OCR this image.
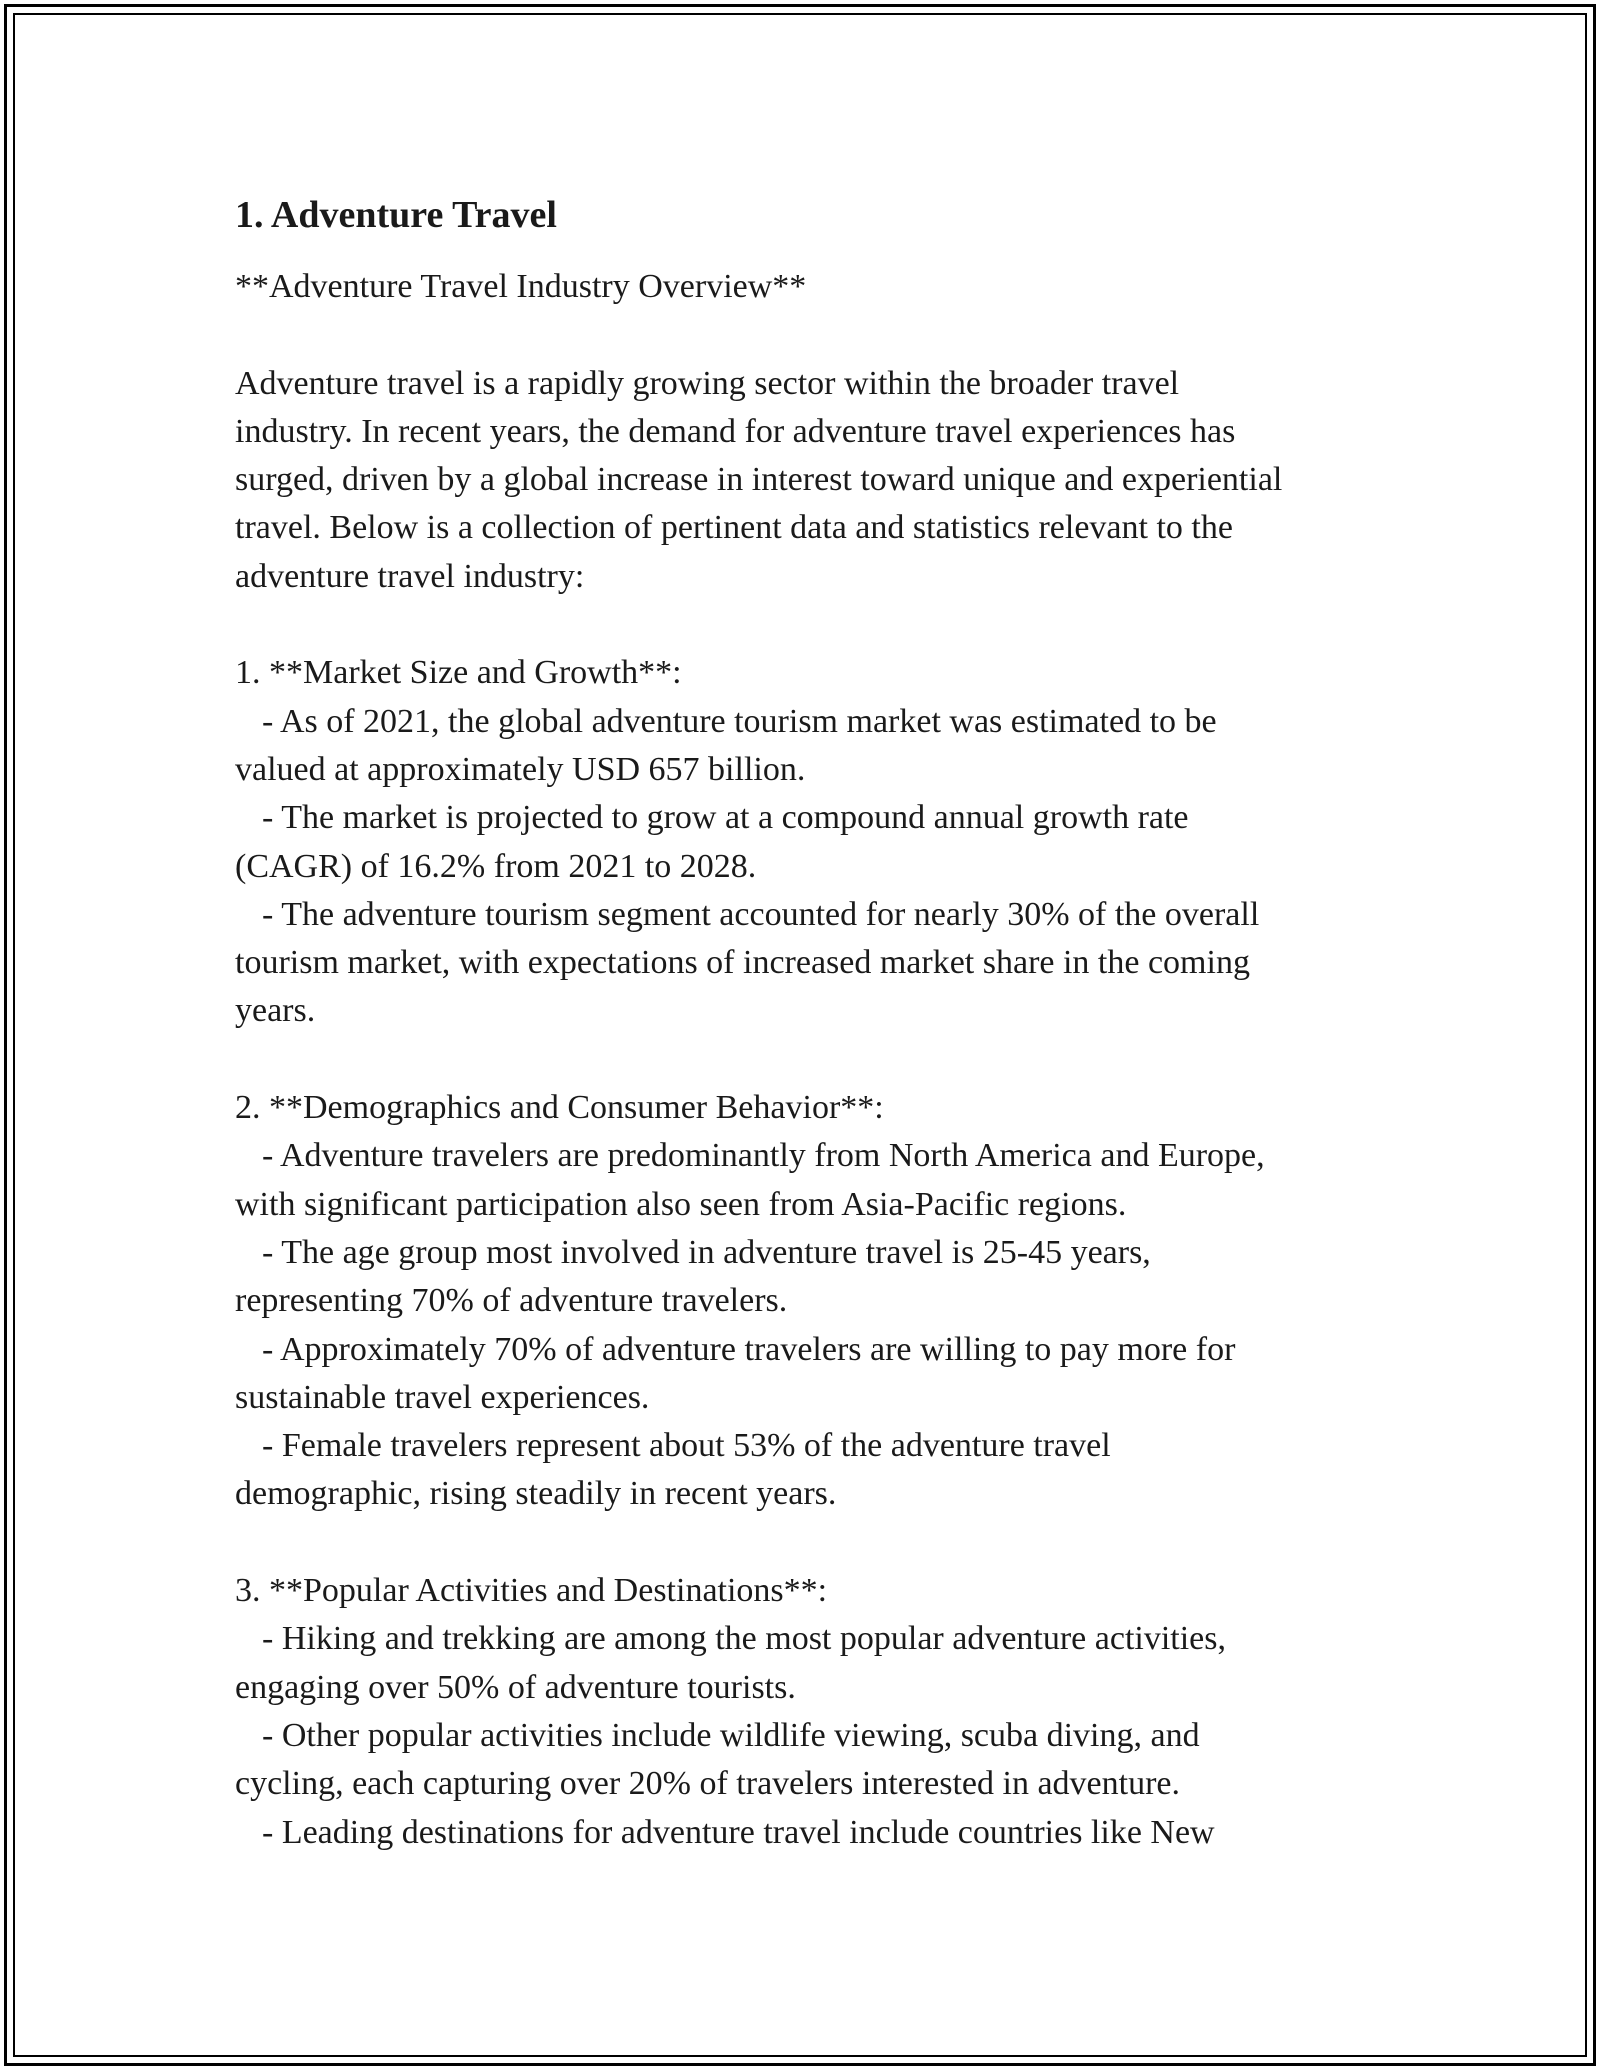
1. Adventure Travel
**Adventure Travel Industry Overview**
Adventure travel is a rapidly growing sector within the broader travel
industry. In recent years, the demand for adventure travel experiences has
surged, driven by a global increase in interest toward unique and experiential
travel. Below is a collection of pertinent data and statistics relevant to the
adventure travel industry:
1. **Market Size and Growth**:
- As of 2021, the global adventure tourism market was estimated to be
valued at approximately USD 657 billion.
- The market is projected to grow at a compound annual growth rate
(CAGR) of 16.2% from 2021 to 2028.
- The adventure tourism segment accounted for nearly 30% of the overall
tourism market, with expectations of increased market share in the coming
years.
2. **Demographics and Consumer Behavior**:
- Adventure travelers are predominantly from North America and Europe,
with significant participation also seen from Asia-Pacific regions.
- The age group most involved in adventure travel is 25-45 years,
representing 70% of adventure travelers.
- Approximately 70% of adventure travelers are willing to pay more for
sustainable travel experiences.
- Female travelers represent about 53% of the adventure travel
demographic, rising steadily in recent years.
3. **Popular Activities and Destinations**:
- Hiking and trekking are among the most popular adventure activities,
engaging over 50% of adventure tourists.
- Other popular activities include wildlife viewing, scuba diving, and
cycling, each capturing over 20% of travelers interested in adventure.
- Leading destinations for adventure travel include countries like New
